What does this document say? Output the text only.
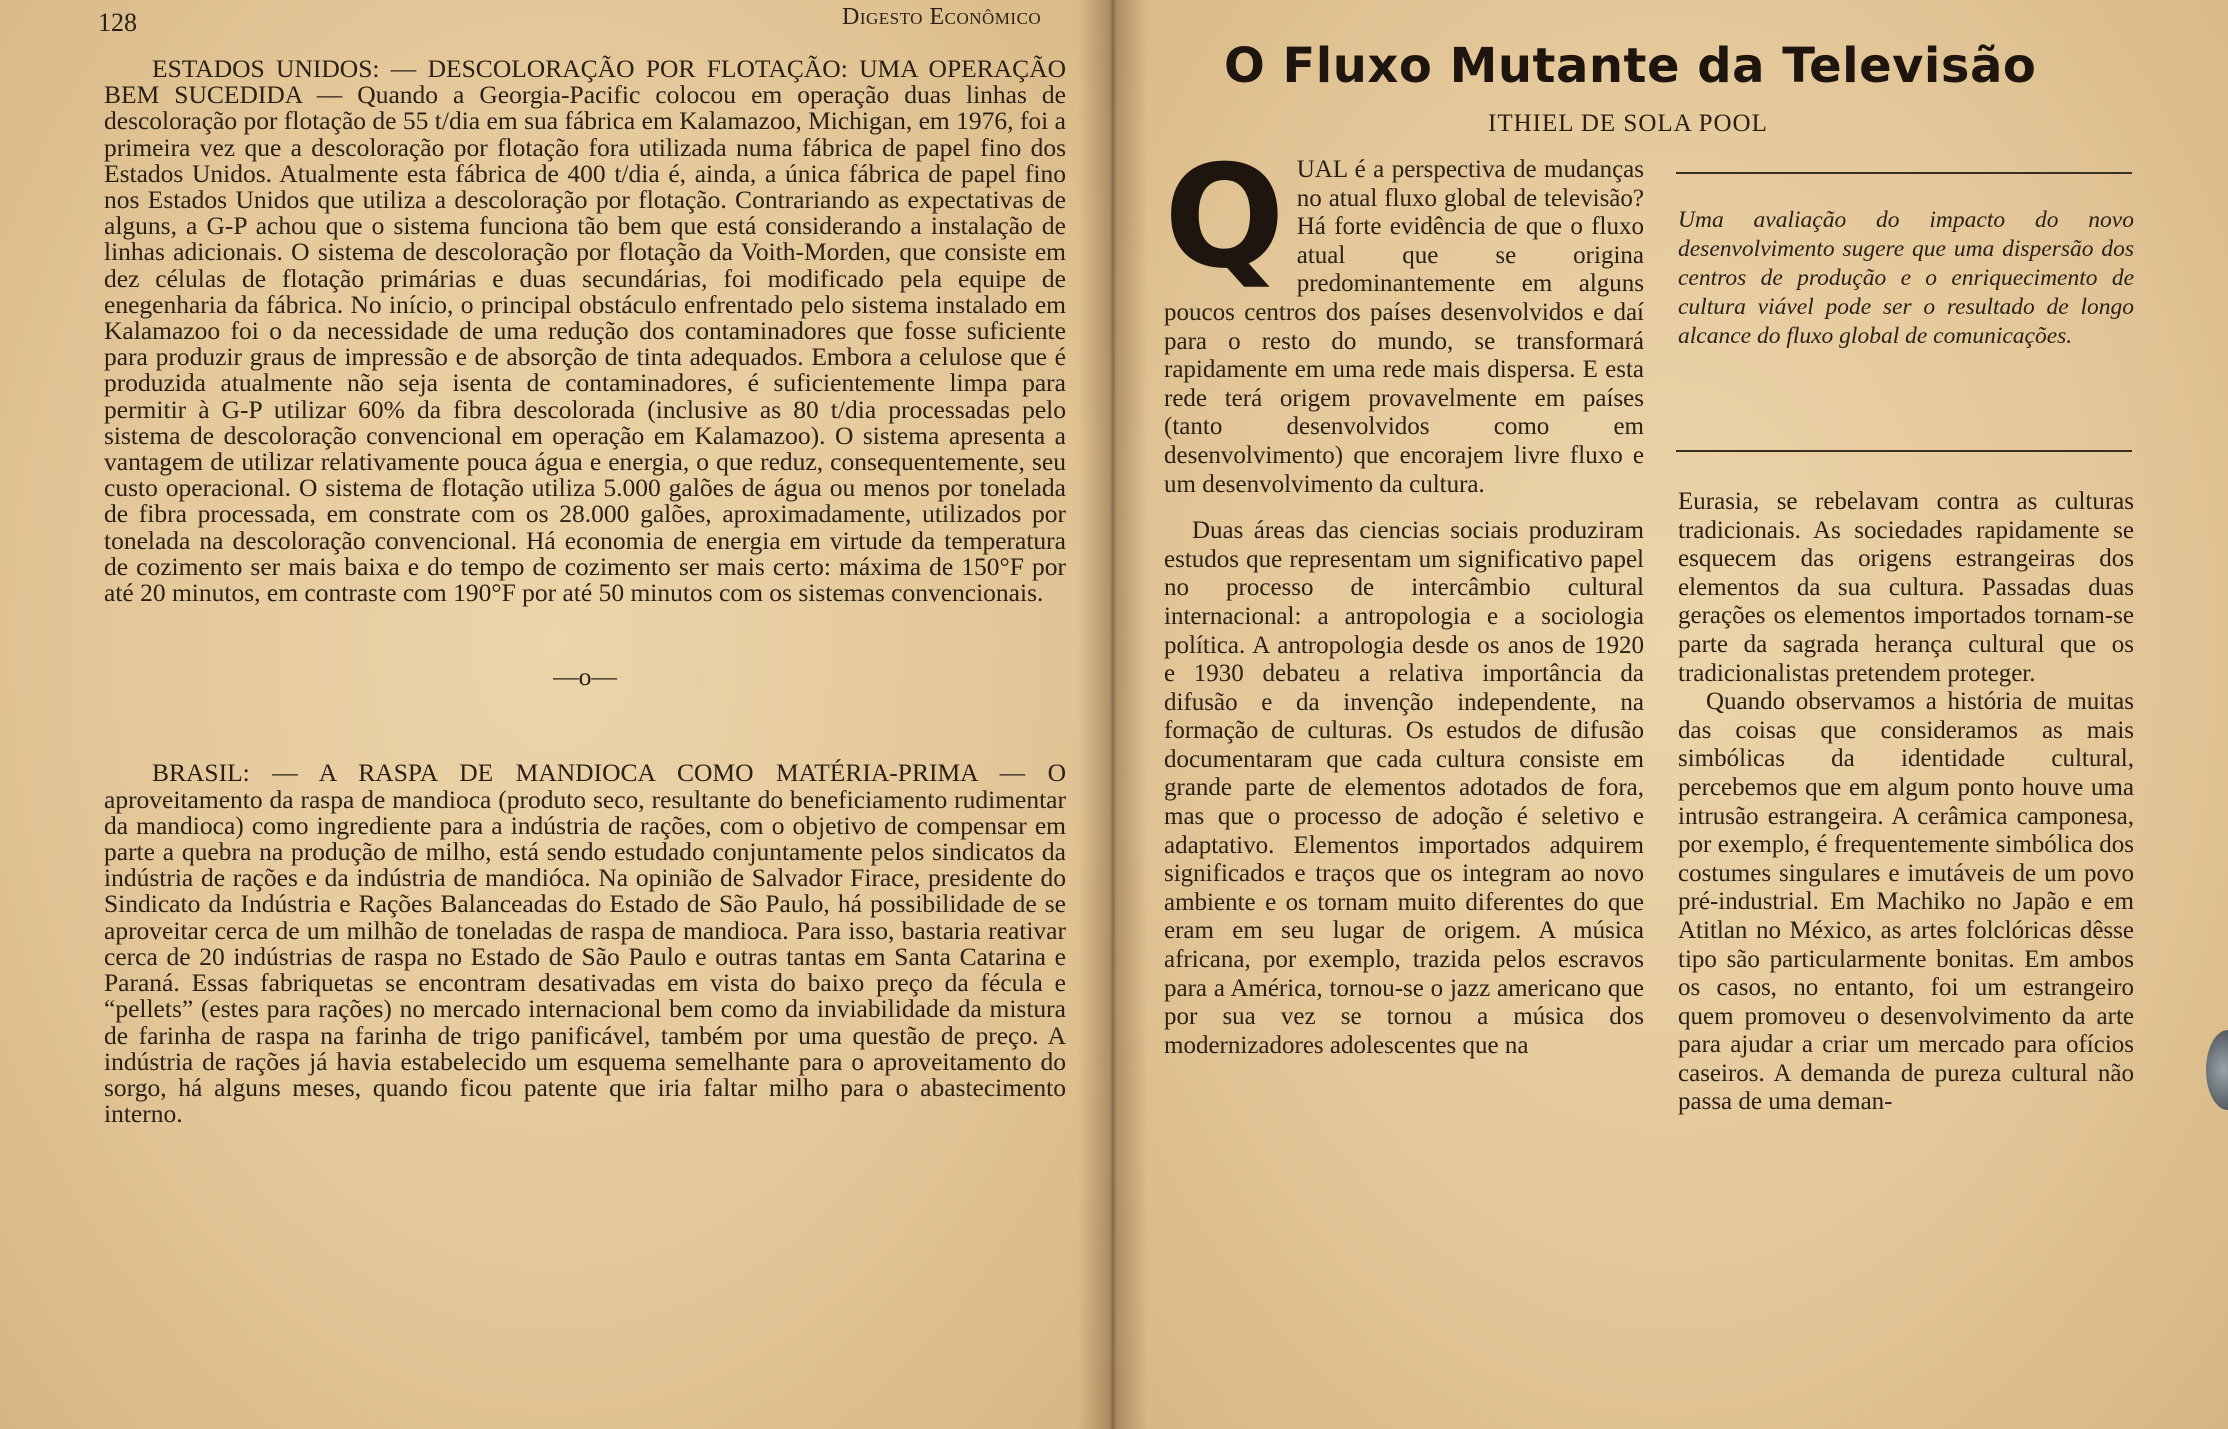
128	Digesto Econômico

ESTADOS UNIDOS: — DESCOLORAÇÃO POR FLOTAÇÃO: UMA OPERAÇÃO BEM SUCEDIDA — Quando a Georgia-Pacific colocou em operação duas linhas de descoloração por flotação de 55 t/dia em sua fábrica em Kalamazoo, Michigan, em 1976, foi a primeira vez que a descoloração por flotação fora utilizada numa fábrica de papel fino dos Estados Unidos. Atualmente esta fábrica de 400 t/dia é, ainda, a única fábrica de papel fino nos Estados Unidos que utiliza a descoloração por flotação. Contrariando as expectativas de alguns, a G-P achou que o sistema funciona tão bem que está considerando a instalação de linhas adicionais. O sistema de descoloração por flotação da Voith-Morden, que consiste em dez células de flotação primárias e duas secundárias, foi modificado pela equipe de enegenharia da fábrica. No início, o principal obstáculo enfrentado pelo sistema instalado em Kalamazoo foi o da necessidade de uma redução dos contaminadores que fosse suficiente para produzir graus de impressão e de absorção de tinta adequados. Embora a celulose que é produzida atualmente não seja isenta de contaminadores, é suficientemente limpa para permitir à G-P utilizar 60% da fibra descolorada (inclusive as 80 t/dia processadas pelo sistema de descoloração convencional em operação em Kalamazoo). O sistema apresenta a vantagem de utilizar relativamente pouca água e energia, o que reduz, consequentemente, seu custo operacional. O sistema de flotação utiliza 5.000 galões de água ou menos por tonelada de fibra processada, em constrate com os 28.000 galões, aproximadamente, utilizados por tonelada na descoloração convencional. Há economia de energia em virtude da temperatura de cozimento ser mais baixa e do tempo de cozimento ser mais certo: máxima de 150°F por até 20 minutos, em contraste com 190°F por até 50 minutos com os sistemas convencionais.

—o—

BRASIL: — A RASPA DE MANDIOCA COMO MATÉRIA-PRIMA — O aproveitamento da raspa de mandioca (produto seco, resultante do beneficiamento rudimentar da mandioca) como ingrediente para a indústria de rações, com o objetivo de compensar em parte a quebra na produção de milho, está sendo estudado conjuntamente pelos sindicatos da indústria de rações e da indústria de mandióca. Na opinião de Salvador Firace, presidente do Sindicato da Indústria e Rações Balanceadas do Estado de São Paulo, há possibilidade de se aproveitar cerca de um milhão de toneladas de raspa de mandioca. Para isso, bastaria reativar cerca de 20 indústrias de raspa no Estado de São Paulo e outras tantas em Santa Catarina e Paraná. Essas fabriquetas se encontram desativadas em vista do baixo preço da fécula e “pellets” (estes para rações) no mercado internacional bem como da inviabilidade da mistura de farinha de raspa na farinha de trigo panificável, também por uma questão de preço. A indústria de rações já havia estabelecido um esquema semelhante para o aproveitamento do sorgo, há alguns meses, quando ficou patente que iria faltar milho para o abastecimento interno.

O Fluxo Mutante da Televisão
ITHIEL DE SOLA POOL

QUAL é a perspectiva de mudanças no atual fluxo global de televisão? Há forte evidência de que o fluxo atual que se origina predominantemente em alguns poucos centros dos países desenvolvidos e daí para o resto do mundo, se transformará rapidamente em uma rede mais dispersa. E esta rede terá origem provavelmente em países (tanto desenvolvidos como em desenvolvimento) que encorajem livre fluxo e um desenvolvimento da cultura.

Duas áreas das ciencias sociais produziram estudos que representam um significativo papel no processo de intercâmbio cultural internacional: a antropologia e a sociologia política. A antropologia desde os anos de 1920 e 1930 debateu a relativa importância da difusão e da invenção independente, na formação de culturas. Os estudos de difusão documentaram que cada cultura consiste em grande parte de elementos adotados de fora, mas que o processo de adoção é seletivo e adaptativo. Elementos importados adquirem significados e traços que os integram ao novo ambiente e os tornam muito diferentes do que eram em seu lugar de origem. A música africana, por exemplo, trazida pelos escravos para a América, tornou-se o jazz americano que por sua vez se tornou a música dos modernizadores adolescentes que na

Uma avaliação do impacto do novo desenvolvimento sugere que uma dispersão dos centros de produção e o enriquecimento de cultura viável pode ser o resultado de longo alcance do fluxo global de comunicações.

Eurasia, se rebelavam contra as culturas tradicionais. As sociedades rapidamente se esquecem das origens estrangeiras dos elementos da sua cultura. Passadas duas gerações os elementos importados tornam-se parte da sagrada herança cultural que os tradicionalistas pretendem proteger.

Quando observamos a história de muitas das coisas que consideramos as mais simbólicas da identidade cultural, percebemos que em algum ponto houve uma intrusão estrangeira. A cerâmica camponesa, por exemplo, é frequentemente simbólica dos costumes singulares e imutáveis de um povo pré-industrial. Em Machiko no Japão e em Atitlan no México, as artes folclóricas dêsse tipo são particularmente bonitas. Em ambos os casos, no entanto, foi um estrangeiro quem promoveu o desenvolvimento da arte para ajudar a criar um mercado para ofícios caseiros. A demanda de pureza cultural não passa de uma deman-
